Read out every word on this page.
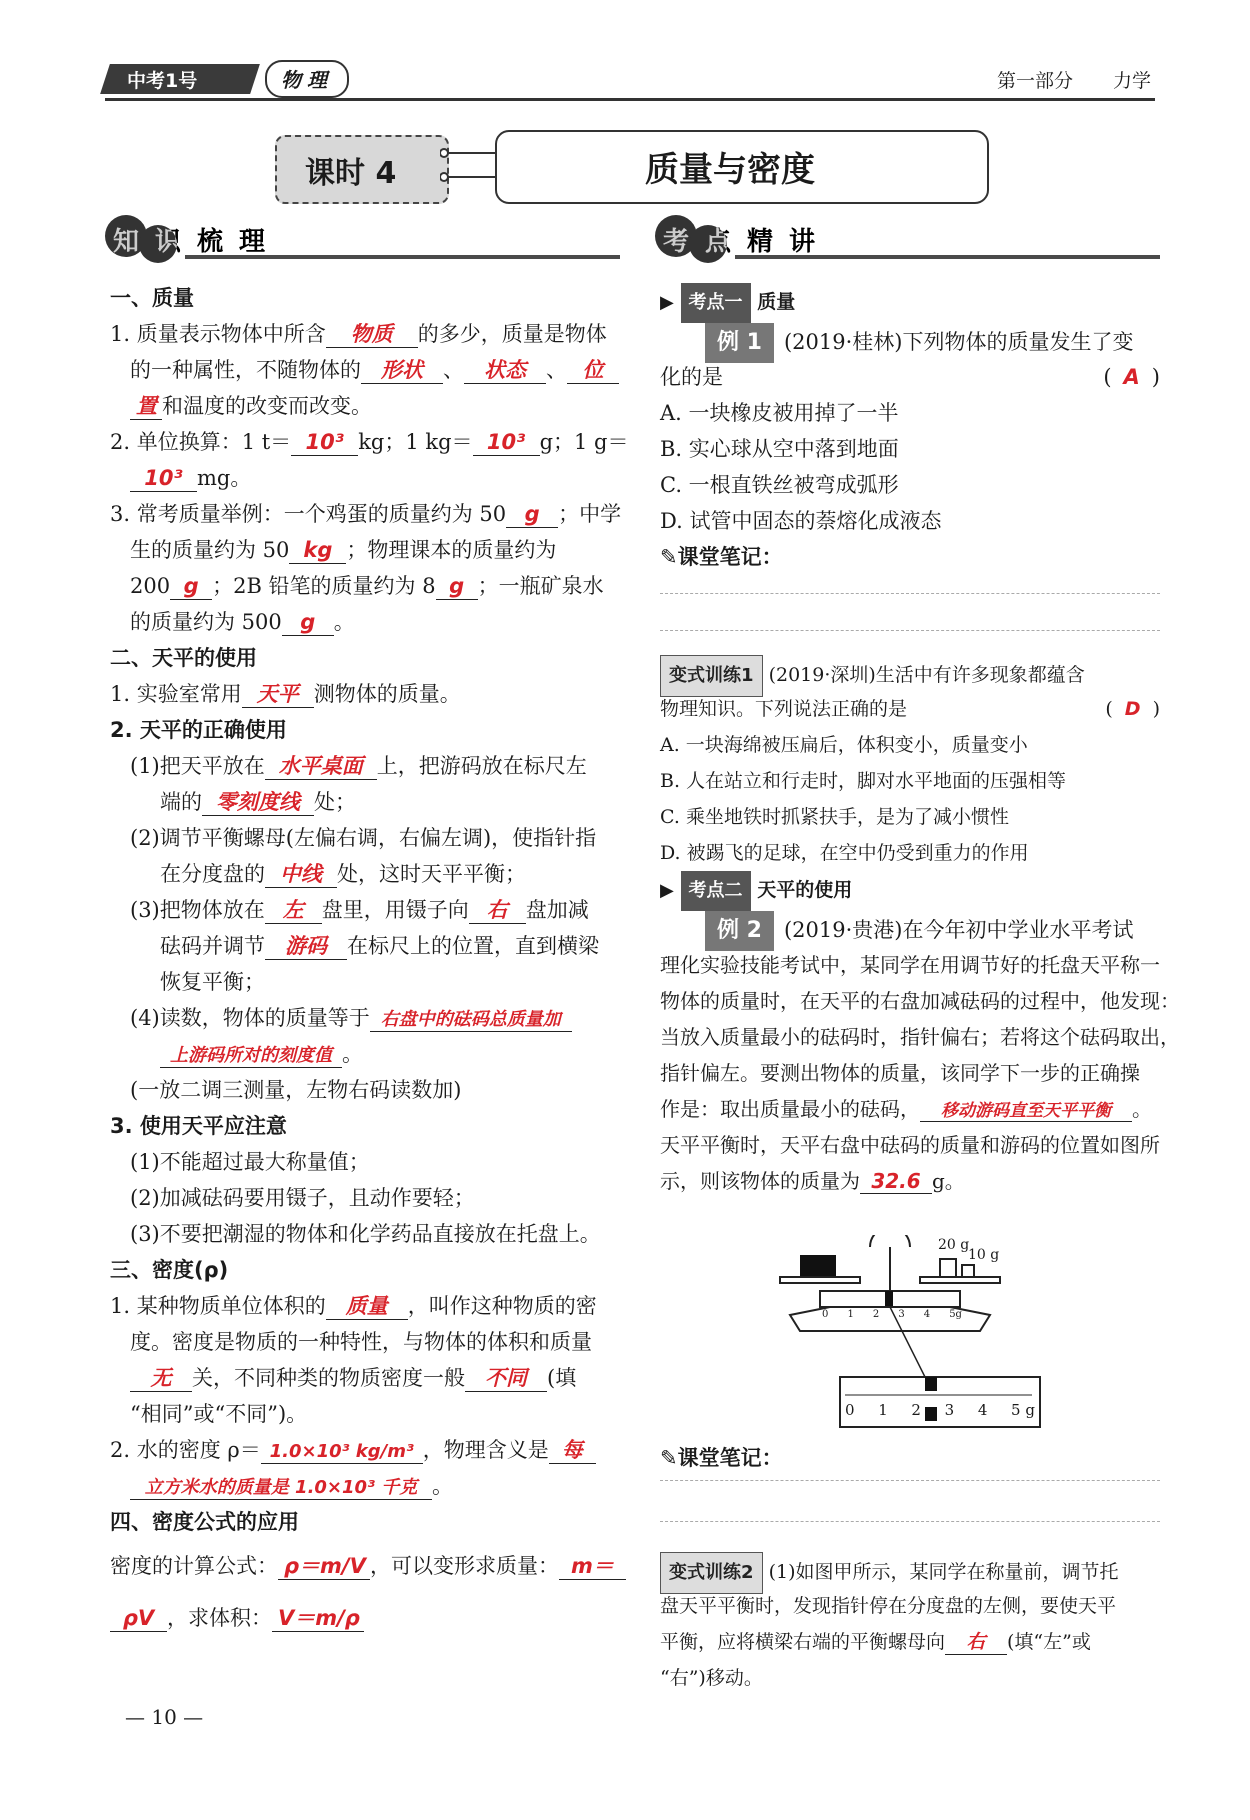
中考1号	物理	第一部分 力学
课时 4	质量与密度
知识梳理	考点精讲
一、质量
1. 质量表示物体中所含 物质 的多少，质量是物体
的一种属性，不随物体的 形状 、 状态 、 位
置 和温度的改变而改变。
2. 单位换算：1 t＝ 10³ kg；1 kg＝ 10³ g；1 g＝
10³ mg。
3. 常考质量举例：一个鸡蛋的质量约为 50 g ；中学
生的质量约为 50 kg ；物理课本的质量约为
200 g ；2B 铅笔的质量约为 8 g ；一瓶矿泉水
的质量约为 500 g 。
二、天平的使用
1. 实验室常用 天平 测物体的质量。
2. 天平的正确使用
(1)把天平放在 水平桌面 上，把游码放在标尺左
端的 零刻度线 处；
(2)调节平衡螺母(左偏右调，右偏左调)，使指针指
在分度盘的 中线 处，这时天平平衡；
(3)把物体放在 左 盘里，用镊子向 右 盘加减
砝码并调节 游码 在标尺上的位置，直到横梁
恢复平衡；
(4)读数，物体的质量等于 右盘中的砝码总质量加
上游码所对的刻度值 。
(一放二调三测量，左物右码读数加)
3. 使用天平应注意
(1)不能超过最大称量值；
(2)加减砝码要用镊子，且动作要轻；
(3)不要把潮湿的物体和化学药品直接放在托盘上。
三、密度(ρ)
1. 某种物质单位体积的 质量 ，叫作这种物质的密
度。密度是物质的一种特性，与物体的体积和质量
无 关，不同种类的物质密度一般 不同 (填
“相同”或“不同”)。
2. 水的密度 ρ＝ 1.0×10³ kg/m³ ，物理含义是 每
立方米水的质量是 1.0×10³ 千克 。
四、密度公式的应用
密度的计算公式： ρ＝m/V ，可以变形求质量： m＝
ρV ，求体积： V＝m/ρ
— 10 —
▶ 考点一 质量
例 1 (2019·桂林)下列物体的质量发生了变
化的是	( A )
A. 一块橡皮被用掉了一半
B. 实心球从空中落到地面
C. 一根直铁丝被弯成弧形
D. 试管中固态的萘熔化成液态
✎课堂笔记：
变式训练1 (2019·深圳)生活中有许多现象都蕴含
物理知识。下列说法正确的是	( D )
A. 一块海绵被压扁后，体积变小，质量变小
B. 人在站立和行走时，脚对水平地面的压强相等
C. 乘坐地铁时抓紧扶手，是为了减小惯性
D. 被踢飞的足球，在空中仍受到重力的作用
▶ 考点二 天平的使用
例 2 (2019·贵港)在今年初中学业水平考试
理化实验技能考试中，某同学在用调节好的托盘天平称一
物体的质量时，在天平的右盘加减砝码的过程中，他发现：
当放入质量最小的砝码时，指针偏右；若将这个砝码取出，
指针偏左。要测出物体的质量，该同学下一步的正确操
作是：取出质量最小的砝码， 移动游码直至天平平衡 。
天平平衡时，天平右盘中砝码的质量和游码的位置如图所
示，则该物体的质量为 32.6 g。
20 g
10 g
0 1 2 3 4 5g
0 1 2 3 4 5 g
✎课堂笔记：
变式训练2 (1)如图甲所示，某同学在称量前，调节托
盘天平平衡时，发现指针停在分度盘的左侧，要使天平
平衡，应将横梁右端的平衡螺母向 右 (填“左”或
“右”)移动。
